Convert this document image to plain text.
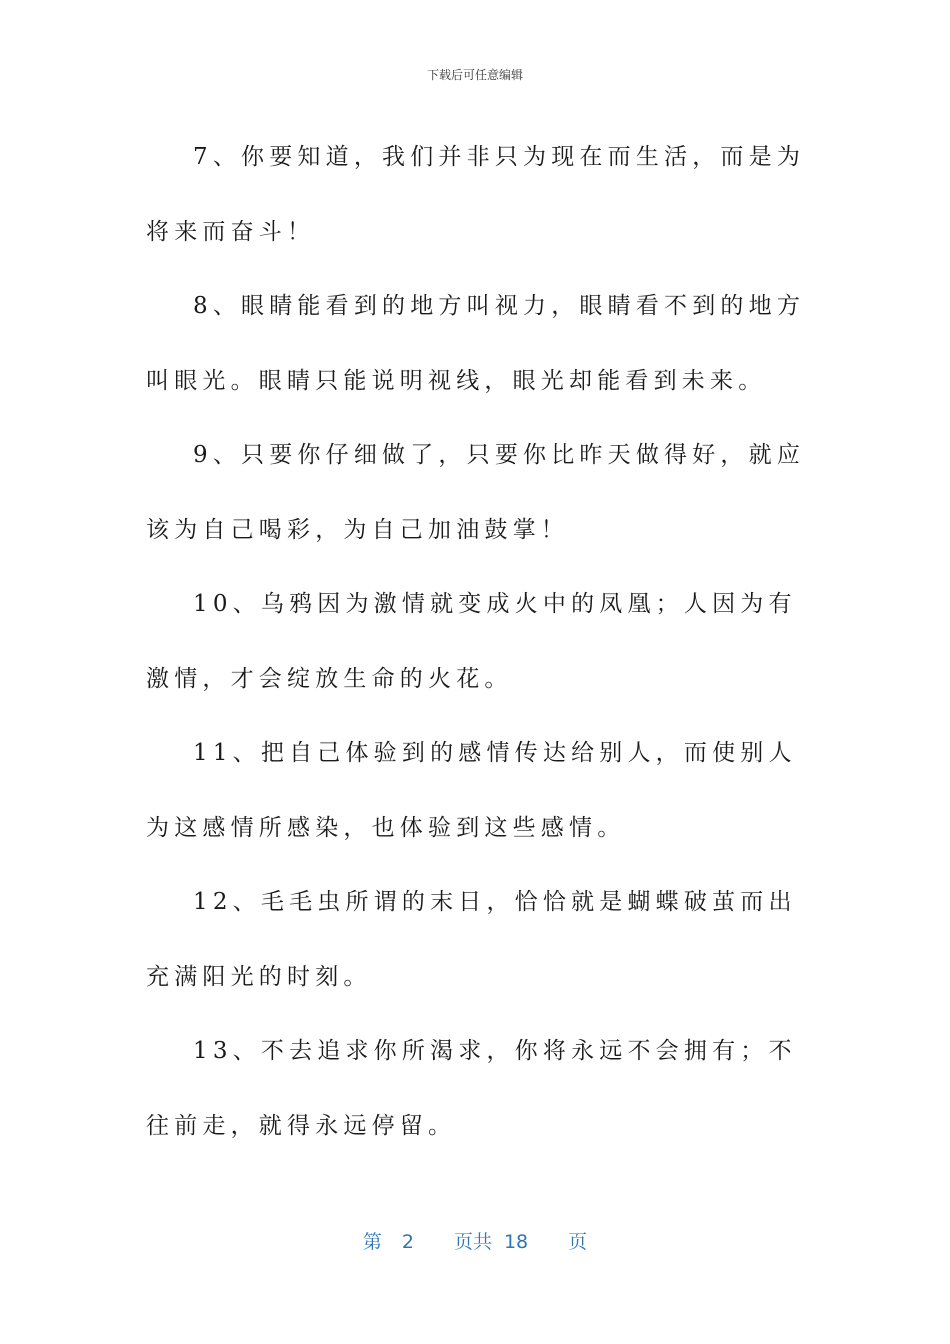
下载后可任意编辑

7、你要知道，我们并非只为现在而生活，而是为将来而奋斗！

8、眼睛能看到的地方叫视力，眼睛看不到的地方叫眼光。眼睛只能说明视线，眼光却能看到未来。

9、只要你仔细做了，只要你比昨天做得好，就应该为自己喝彩，为自己加油鼓掌！

10、乌鸦因为激情就变成火中的凤凰；人因为有激情，才会绽放生命的火花。

11、把自己体验到的感情传达给别人，而使别人为这感情所感染，也体验到这些感情。

12、毛毛虫所谓的末日，恰恰就是蝴蝶破茧而出充满阳光的时刻。

13、不去追求你所渴求，你将永远不会拥有；不往前走，就得永远停留。

第 2 页共 18 页
